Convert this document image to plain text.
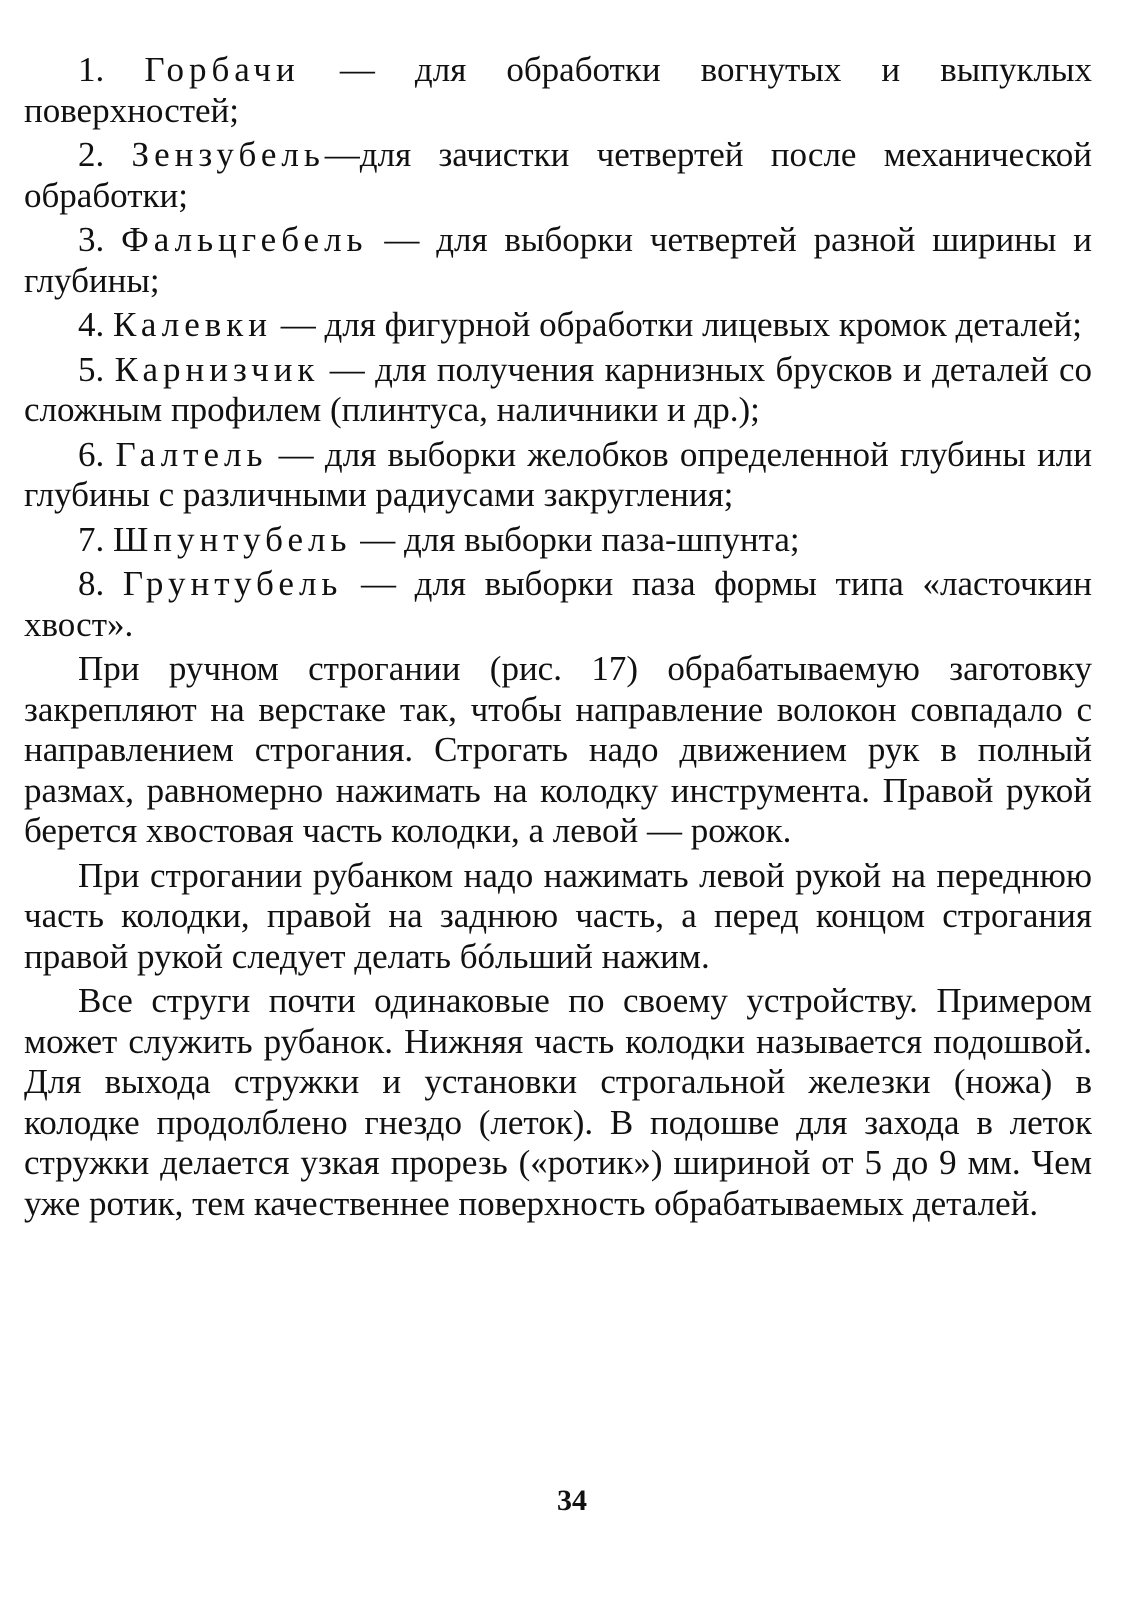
1. Горбачи — для обработки вогнутых и выпуклых поверхностей;

2. Зензубель—для зачистки четвертей после механической обработки;

3. Фальцгебель — для выборки четвертей разной ширины и глубины;

4. Калевки — для фигурной обработки лицевых кромок деталей;

5. Карнизчик — для получения карнизных брусков и деталей со сложным профилем (плинтуса, наличники и др.);

6. Галтель — для выборки желобков определенной глубины или глубины с различными радиусами закругления;

7. Шпунтубель — для выборки паза-шпунта;

8. Грунтубель — для выборки паза формы типа «ласточкин хвост».

При ручном строгании (рис. 17) обрабатываемую заготовку закрепляют на верстаке так, чтобы направление волокон совпадало с направлением строгания. Строгать надо движением рук в полный размах, равномерно нажимать на колодку инструмента. Правой рукой берется хвостовая часть колодки, а левой — рожок.

При строгании рубанком надо нажимать левой рукой на переднюю часть колодки, правой на заднюю часть, а перед концом строгания правой рукой следует делать бóльший нажим.

Все струги почти одинаковые по своему устройству. Примером может служить рубанок. Нижняя часть колодки называется подошвой. Для выхода стружки и установки строгальной железки (ножа) в колодке продолблено гнездо (леток). В подошве для захода в леток стружки делается узкая прорезь («ротик») шириной от 5 до 9 мм. Чем уже ротик, тем качественнее поверхность обрабатываемых деталей.

34
